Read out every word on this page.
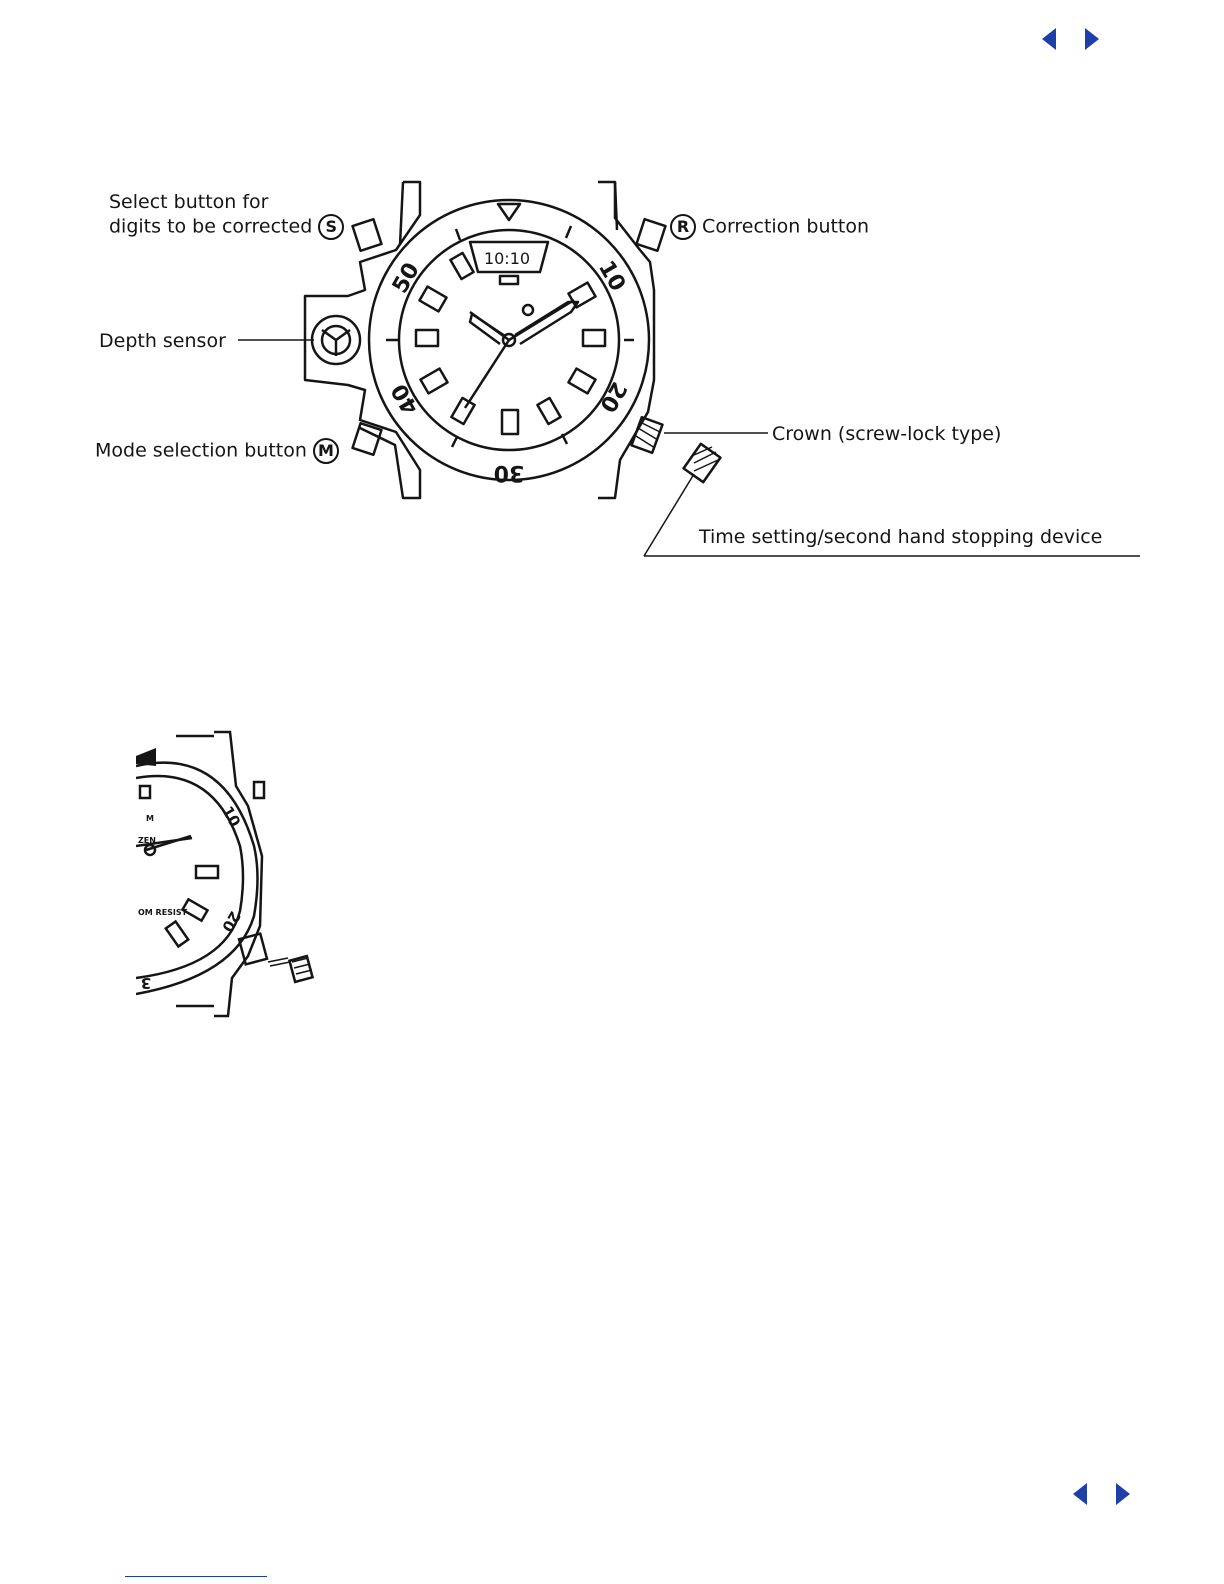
10
20
30
40
50
10:10
Select button for
digits to be corrected S	R Correction button
Depth sensor
Mode selection button M
Crown (screw-lock type)
Time setting/second hand stopping device
10
20
3
M
ZEN
OM RESIST
